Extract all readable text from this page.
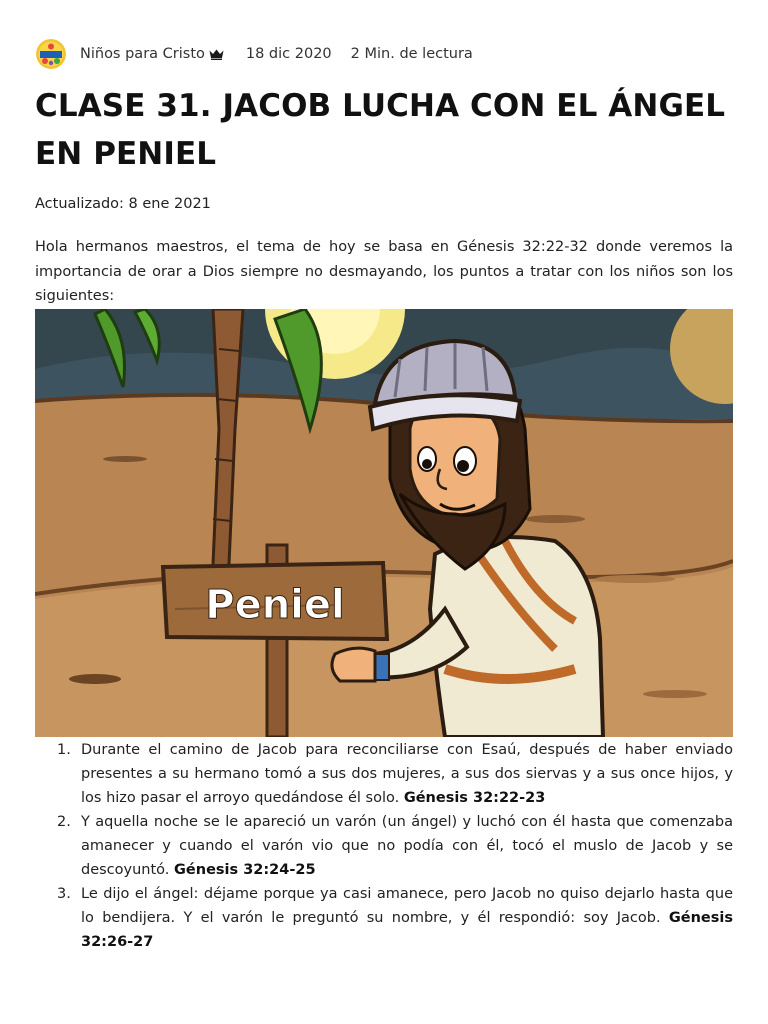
Niños para Cristo	18 dic 2020 2 Min. de lectura
CLASE 31. JACOB LUCHA CON EL ÁNGEL EN PENIEL
Actualizado: 8 ene 2021

Hola hermanos maestros, el tema de hoy se basa en Génesis 32:22-32 donde veremos la importancia de orar a Dios siempre no desmayando, los puntos a tratar con los niños son los siguientes:

Peniel
1. Durante el camino de Jacob para reconciliarse con Esaú, después de haber enviado presentes a su hermano tomó a sus dos mujeres, a sus dos siervas y a sus once hijos, y los hizo pasar el arroyo quedándose él solo. Génesis 32:22-23
2. Y aquella noche se le apareció un varón (un ángel) y luchó con él hasta que comenzaba amanecer y cuando el varón vio que no podía con él, tocó el muslo de Jacob y se descoyuntó. Génesis 32:24-25
3. Le dijo el ángel: déjame porque ya casi amanece, pero Jacob no quiso dejarlo hasta que lo bendijera. Y el varón le preguntó su nombre, y él respondió: soy Jacob. Génesis 32:26-27
